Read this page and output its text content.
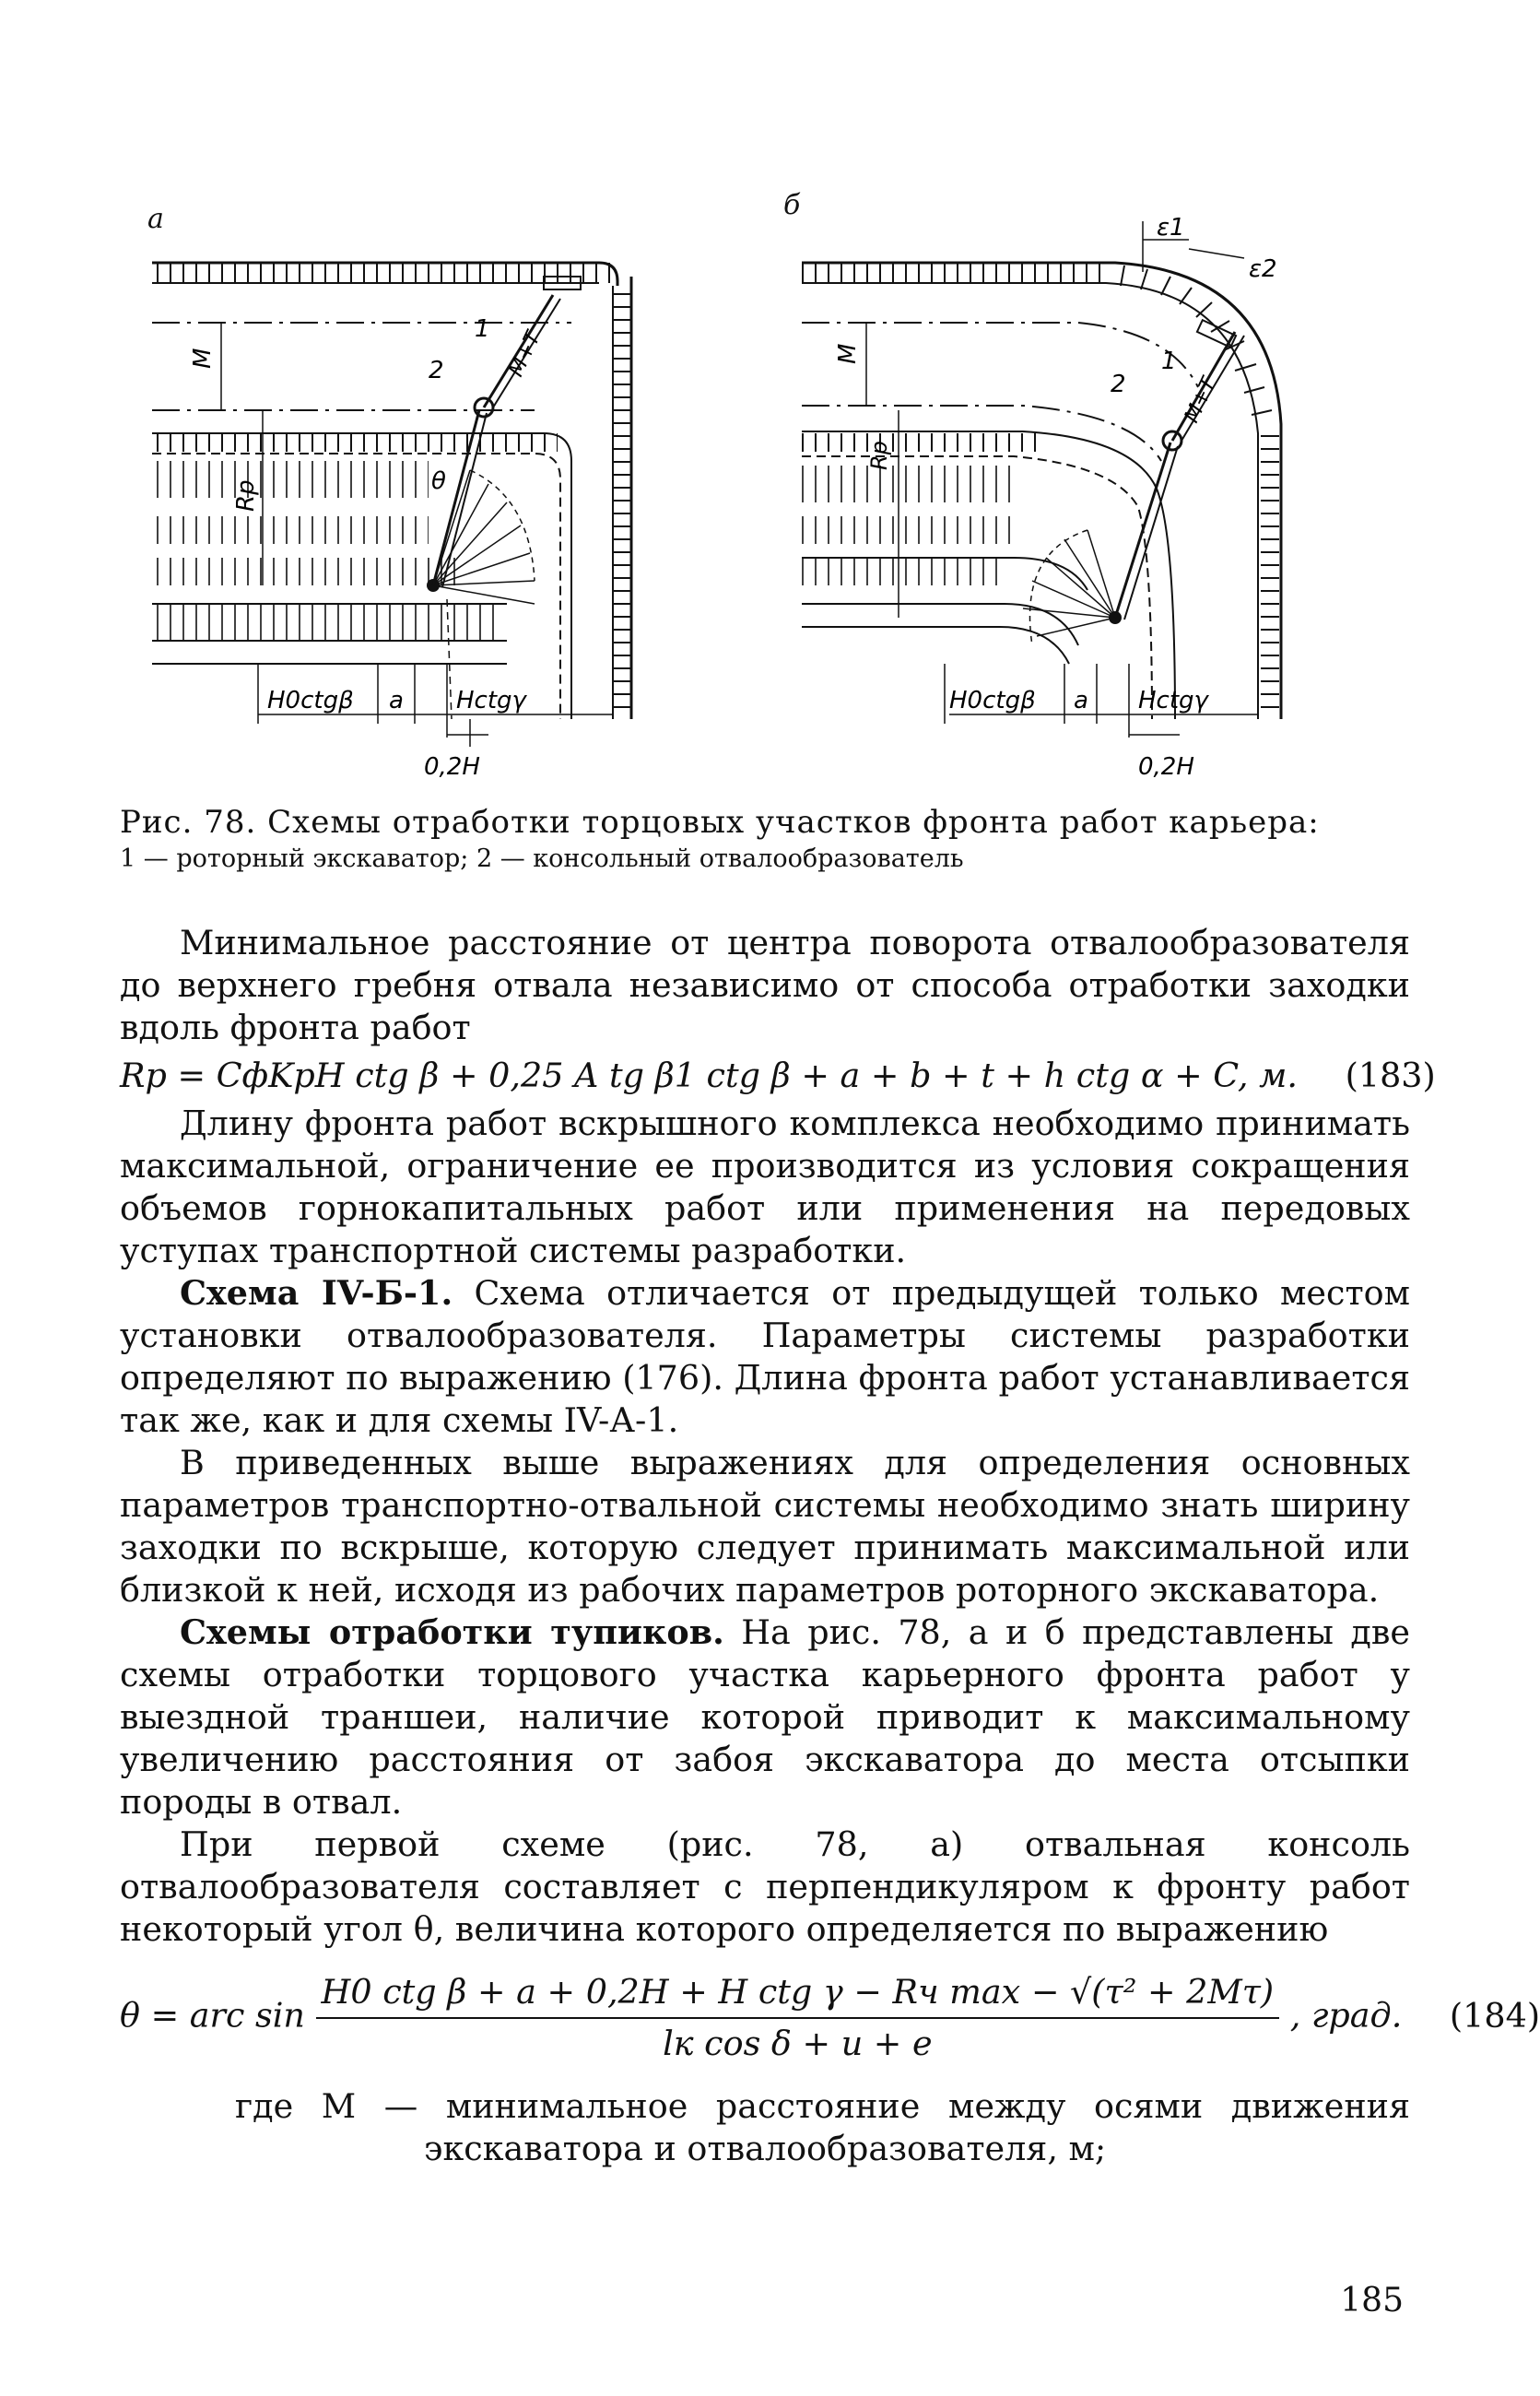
M	M+T
Rр	θ
1
2
H0ctgβ a Hctgγ
0,2H
M
M+T
Rр
ε1
ε2
1
2
H0ctgβ a Hctgγ
0,2H
а	б
Рис. 78. Схемы отработки торцовых участков фронта работ карьера:
1 — роторный экскаватор; 2 — консольный отвалообразователь

Минимальное расстояние от центра поворота отвалообразователя до верхнего гребня отвала независимо от способа отработки заходки вдоль фронта работ

Rр = CфKрH ctg β + 0,25 A tg β1 ctg β + a + b + t + h ctg α + C, м. (183)

Длину фронта работ вскрышного комплекса необходимо принимать максимальной, ограничение ее производится из условия сокращения объемов горнокапитальных работ или применения на передовых уступах транспортной системы разработки.

Схема IV-Б-1. Схема отличается от предыдущей только местом установки отвалообразователя. Параметры системы разработки определяют по выражению (176). Длина фронта работ устанавливается так же, как и для схемы IV-А-1.

В приведенных выше выражениях для определения основных параметров транспортно-отвальной системы необходимо знать ширину заходки по вскрыше, которую следует принимать максимальной или близкой к ней, исходя из рабочих параметров роторного экскаватора.

Схемы отработки тупиков. На рис. 78, а и б представлены две схемы отработки торцового участка карьерного фронта работ у выездной траншеи, наличие которой приводит к максимальному увеличению расстояния от забоя экскаватора до места отсыпки породы в отвал.

При первой схеме (рис. 78, а) отвальная консоль отвалообразователя составляет с перпендикуляром к фронту работ некоторый угол θ, величина которого определяется по выражению

θ = arc $\sin \frac{\text{H0 ctg β + a + 0,2H + H ctg γ − Rч max − √(τ² + 2Mτ)}}{\text{lк cos δ + u + e}}$ , град. (184)

где M — минимальное расстояние между осями движения экскаватора и отвалообразователя, м;

185
